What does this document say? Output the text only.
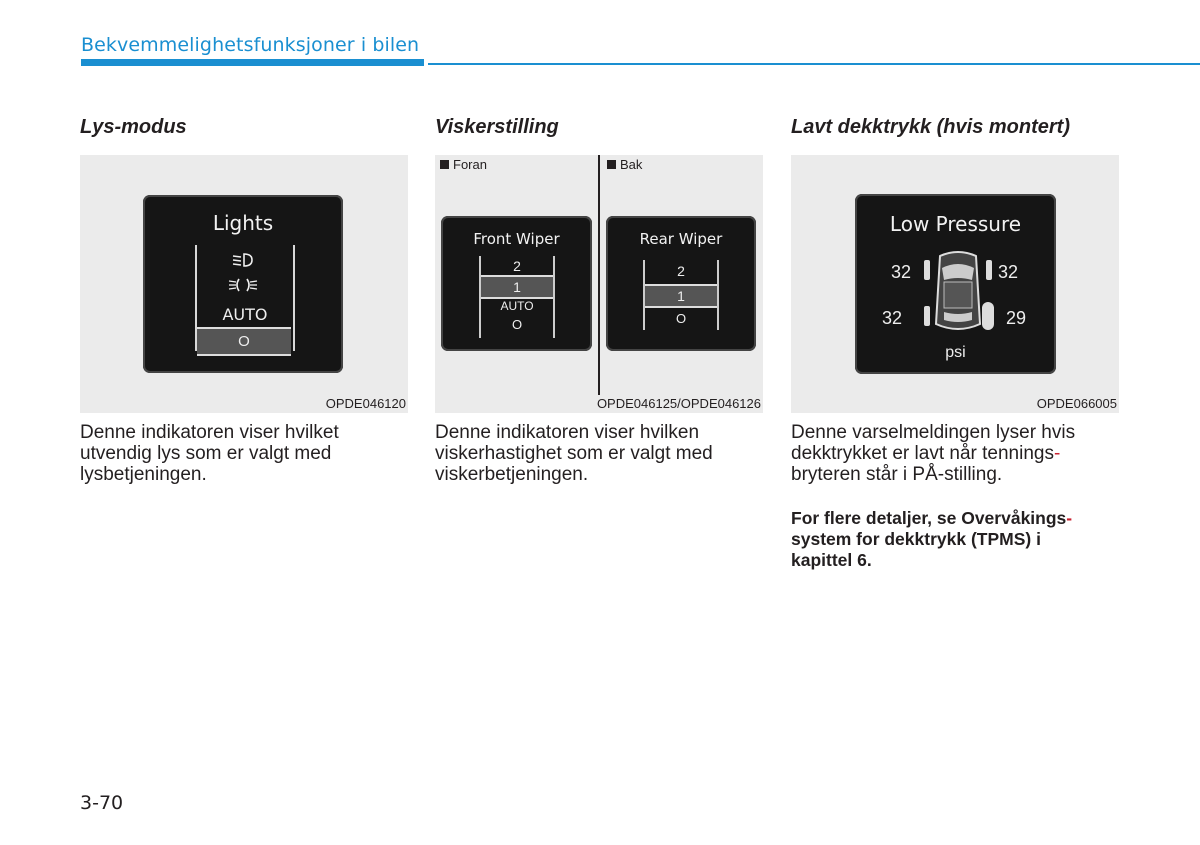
Bekvemmelighetsfunksjoner i bilen
Lys-modus
Lights
AUTO
O
OPDE046120
Denne indikatoren viser hvilket
utvendig lys som er valgt med
lysbetjeningen.
Viskerstilling
Foran	Bak
Front Wiper
2
1
AUTO
O
Rear Wiper
2
1
O
OPDE046125/OPDE046126
Denne indikatoren viser hvilken
viskerhastighet som er valgt med
viskerbetjeningen.
Lavt dekktrykk (hvis montert)
Low Pressure
32	32
32	29
psi
OPDE066005
Denne varselmeldingen lyser hvis
dekktrykket er lavt når tennings-
bryteren står i PÅ-stilling.
For flere detaljer, se Overvåkings-
system for dekktrykk (TPMS) i
kapittel 6.
3-70
